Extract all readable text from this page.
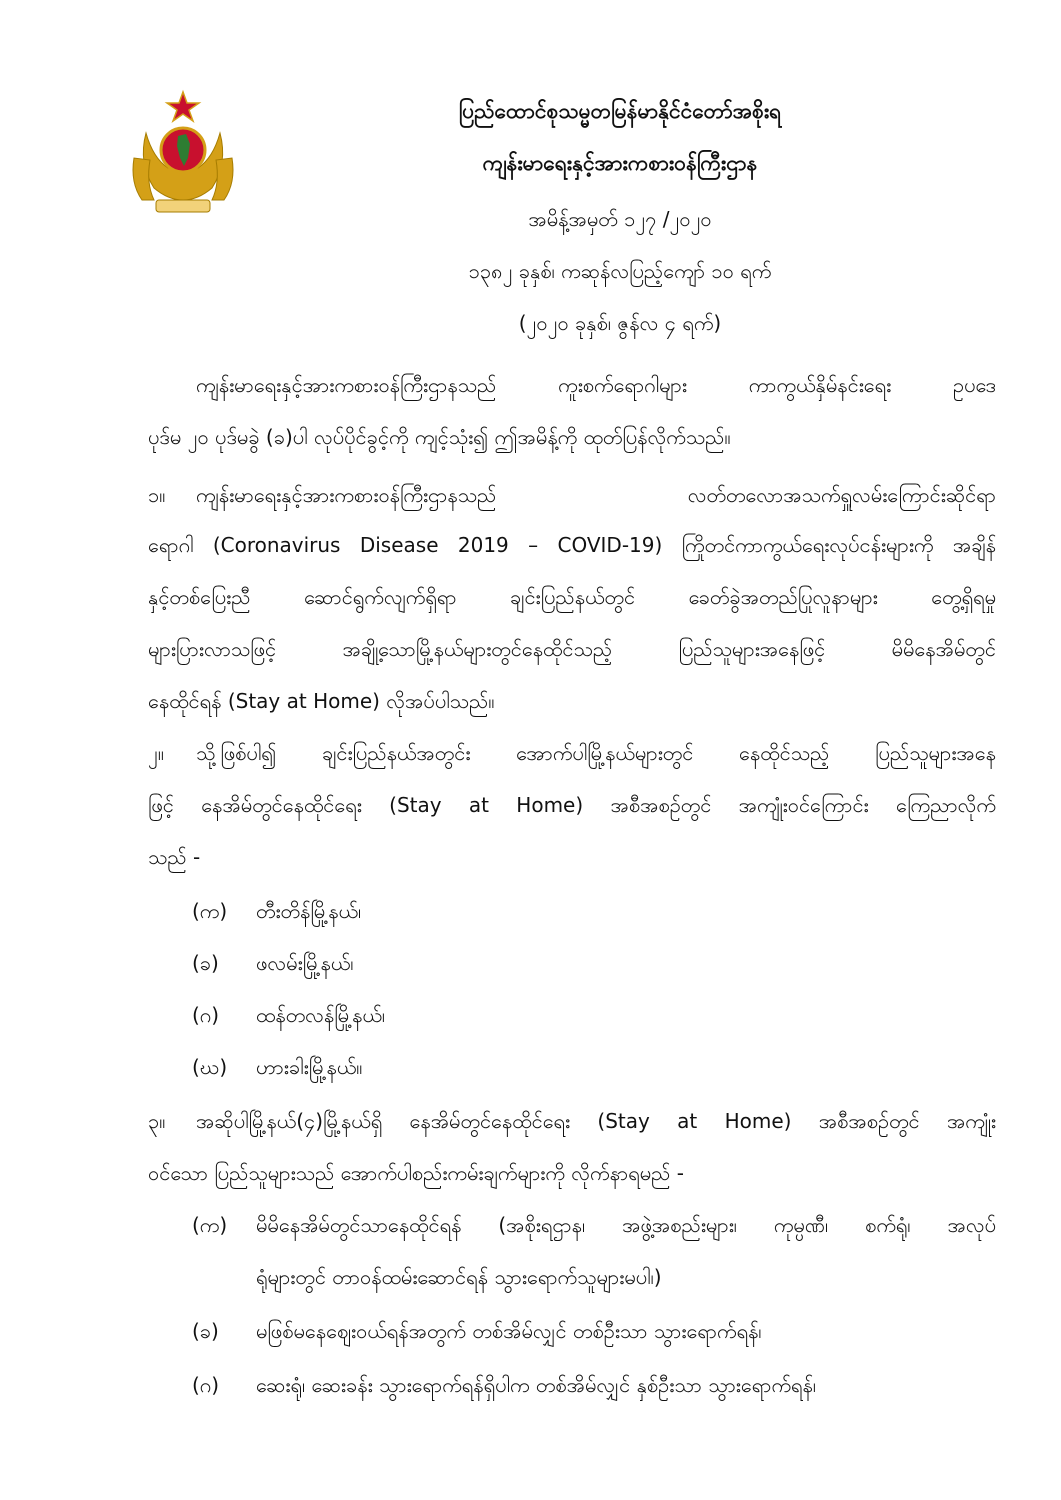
ပြည်ထောင်စုသမ္မတမြန်မာနိုင်ငံတော်အစိုးရ
ကျန်းမာရေးနှင့်အားကစားဝန်ကြီးဌာန
အမိန့်အမှတ် ၁၂၇ /၂၀၂၀
၁၃၈၂ ခုနှစ်၊ ကဆုန်လပြည့်ကျော် ၁၀ ရက်
(၂၀၂၀ ခုနှစ်၊ ဇွန်လ ၄ ရက်)
ကျန်းမာရေးနှင့်အားကစားဝန်ကြီးဌာနသည် ကူးစက်ရောဂါများ ကာကွယ်နှိမ်နင်းရေး ဥပဒေ
ပုဒ်မ ၂၀ ပုဒ်မခွဲ (ခ)ပါ လုပ်ပိုင်ခွင့်ကို ကျင့်သုံး၍ ဤအမိန့်ကို ထုတ်ပြန်လိုက်သည်။
၁။ ကျန်းမာရေးနှင့်အားကစားဝန်ကြီးဌာနသည် လတ်တလောအသက်ရှူလမ်းကြောင်းဆိုင်ရာ
ရောဂါ (Coronavirus Disease 2019 – COVID-19) ကြိုတင်ကာကွယ်ရေးလုပ်ငန်းများကို အချိန်
နှင့်တစ်ပြေးညီ ဆောင်ရွက်လျက်ရှိရာ ချင်းပြည်နယ်တွင် ခေတ်ခွဲအတည်ပြုလူနာများ တွေ့ရှိရမှု
များပြားလာသဖြင့် အချို့သောမြို့နယ်များတွင်နေထိုင်သည့် ပြည်သူများအနေဖြင့် မိမိနေအိမ်တွင်
နေထိုင်ရန် (Stay at Home) လိုအပ်ပါသည်။
၂။ သို့ဖြစ်ပါ၍ ချင်းပြည်နယ်အတွင်း အောက်ပါမြို့နယ်များတွင် နေထိုင်သည့် ပြည်သူများအနေ
ဖြင့် နေအိမ်တွင်နေထိုင်ရေး (Stay at Home) အစီအစဉ်တွင် အကျုံးဝင်ကြောင်း ကြေညာလိုက်
သည် -
(က) တီးတိန်မြို့နယ်၊
(ခ) ဖလမ်းမြို့နယ်၊
(ဂ) ထန်တလန်မြို့နယ်၊
(ဃ) ဟားခါးမြို့နယ်။
၃။ အဆိုပါမြို့နယ်(၄)မြို့နယ်ရှိ နေအိမ်တွင်နေထိုင်ရေး (Stay at Home) အစီအစဉ်တွင် အကျုံး
ဝင်သော ပြည်သူများသည် အောက်ပါစည်းကမ်းချက်များကို လိုက်နာရမည် -
(က) မိမိနေအိမ်တွင်သာနေထိုင်ရန် (အစိုးရဌာန၊ အဖွဲ့အစည်းများ၊ ကုမ္ပဏီ၊ စက်ရုံ၊ အလုပ်
ရုံများတွင် တာဝန်ထမ်းဆောင်ရန် သွားရောက်သူများမပါ၊)
(ခ) မဖြစ်မနေဈေးဝယ်ရန်အတွက် တစ်အိမ်လျှင် တစ်ဦးသာ သွားရောက်ရန်၊
(ဂ) ဆေးရုံ၊ ဆေးခန်း သွားရောက်ရန်ရှိပါက တစ်အိမ်လျှင် နှစ်ဦးသာ သွားရောက်ရန်၊
